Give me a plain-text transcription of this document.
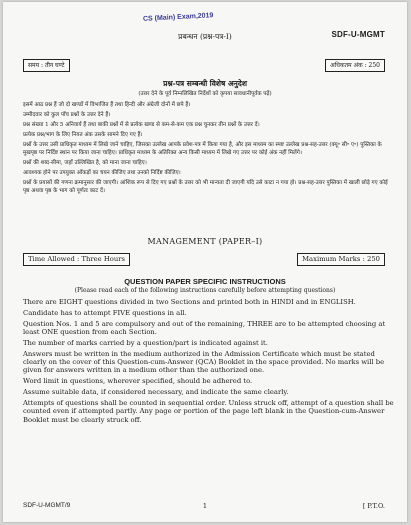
CS (Main) Exam,2019
SDF-U-MGMT
प्रबन्धन (प्रश्न-पत्र-I)
समय : तीन घण्टे	अधिकतम अंक : 250
प्रश्न-पत्र सम्बन्धी विशेष अनुदेश
(उत्तर देने के पूर्व निम्नलिखित निर्देशों को कृपया सावधानीपूर्वक पढ़ें)

इसमें आठ प्रश्न हैं जो दो खण्डों में विभाजित हैं तथा हिन्दी और अंग्रेजी दोनों में छपे हैं।

उम्मीदवार को कुल पाँच प्रश्नों के उत्तर देने हैं।

प्रश्न संख्या 1 और 5 अनिवार्य हैं तथा बाकी प्रश्नों में से प्रत्येक खण्ड से कम-से-कम एक प्रश्न चुनकर तीन प्रश्नों के उत्तर दें।

प्रत्येक प्रश्न/भाग के लिए नियत अंक उसके सामने दिए गए हैं।

प्रश्नों के उत्तर उसी प्राधिकृत माध्यम में लिखे जाने चाहिए, जिसका उल्लेख आपके प्रवेश-पत्र में किया गया है, और इस माध्यम का स्पष्ट उल्लेख प्रश्न-सह-उत्तर (क्यू॰ सी॰ ए॰) पुस्तिका के मुखपृष्ठ पर निर्दिष्ट स्थान पर किया जाना चाहिए। प्राधिकृत माध्यम के अतिरिक्त अन्य किसी माध्यम में लिखे गए उत्तर पर कोई अंक नहीं मिलेंगे।

प्रश्नों की शब्द-सीमा, जहाँ उल्लिखित है, को माना जाना चाहिए।

आवश्यक होने पर उपयुक्त आँकड़ों का चयन कीजिए तथा उनको निर्दिष्ट कीजिए।

प्रश्नों के प्रयासों की गणना क्रमानुसार की जाएगी। आंशिक रूप से दिए गए प्रश्नों के उत्तर को भी मान्यता दी जाएगी यदि उसे काटा न गया हो। प्रश्न-सह-उत्तर पुस्तिका में खाली छोड़े गए कोई पृष्ठ अथवा पृष्ठ के भाग को पूर्णतः काट दें।

MANAGEMENT (PAPER–I)
Time Allowed : Three Hours	Maximum Marks : 250
QUESTION PAPER SPECIFIC INSTRUCTIONS
(Please read each of the following instructions carefully before attempting questions)

There are EIGHT questions divided in two Sections and printed both in HINDI and in ENGLISH.

Candidate has to attempt FIVE questions in all.

Question Nos. 1 and 5 are compulsory and out of the remaining, THREE are to be attempted choosing at least ONE question from each Section.

The number of marks carried by a question/part is indicated against it.

Answers must be written in the medium authorized in the Admission Certificate which must be stated clearly on the cover of this Question-cum-Answer (QCA) Booklet in the space provided. No marks will be given for answers written in a medium other than the authorized one.

Word limit in questions, wherever specified, should be adhered to.

Assume suitable data, if considered necessary, and indicate the same clearly.

Attempts of questions shall be counted in sequential order. Unless struck off, attempt of a question shall be counted even if attempted partly. Any page or portion of the page left blank in the Question-cum-Answer Booklet must be clearly struck off.

SDF-U-MGMT/9	1	[ P.T.O.
